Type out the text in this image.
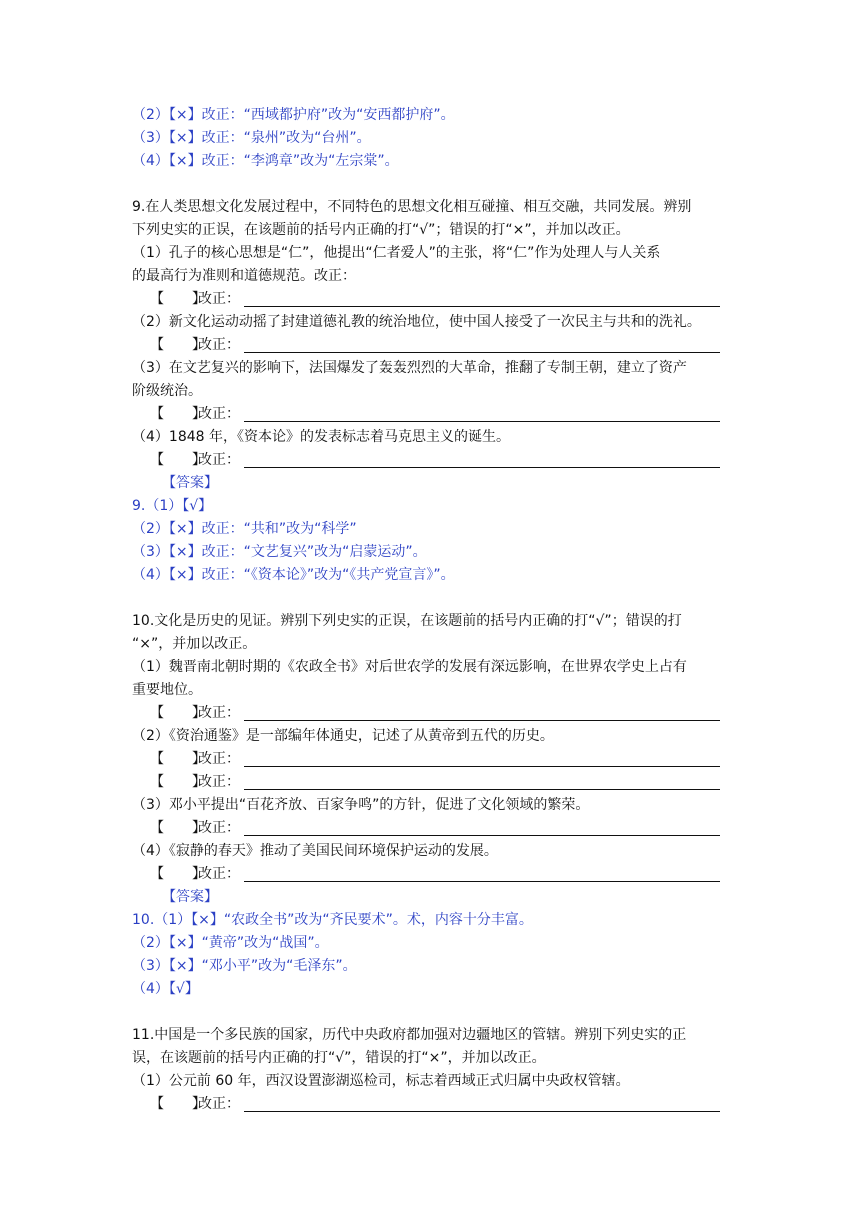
（2）【×】改正：“西域都护府”改为“安西都护府”。
（3）【×】改正：“泉州”改为“台州”。
（4）【×】改正：“李鸿章”改为“左宗棠”。
9.在人类思想文化发展过程中，不同特色的思想文化相互碰撞、相互交融，共同发展。辨别
下列史实的正误，在该题前的括号内正确的打“√”；错误的打“×”，并加以改正。
（1）孔子的核心思想是“仁”，他提出“仁者爱人”的主张，将“仁”作为处理人与人关系
的最高行为准则和道德规范。改正：
【　　】
改正：
（2）新文化运动动摇了封建道德礼教的统治地位，使中国人接受了一次民主与共和的洗礼。
【　　】
改正：
（3）在文艺复兴的影响下，法国爆发了轰轰烈烈的大革命，推翻了专制王朝，建立了资产
阶级统治。
【　　】
改正：
（4）1848 年，《资本论》的发表标志着马克思主义的诞生。
【　　】
改正：
【答案】
9.（1）【√】
（2）【×】改正：“共和”改为“科学”
（3）【×】改正：“文艺复兴”改为“启蒙运动”。
（4）【×】改正：“《资本论》”改为“《共产党宣言》”。
10.文化是历史的见证。辨别下列史实的正误，在该题前的括号内正确的打“√”；错误的打
“×”，并加以改正。
（1）魏晋南北朝时期的《农政全书》对后世农学的发展有深远影响，在世界农学史上占有
重要地位。
【　　】
改正：
（2）《资治通鉴》是一部编年体通史，记述了从黄帝到五代的历史。
【　　】
改正：
【　　】
改正：
（3）邓小平提出“百花齐放、百家争鸣”的方针，促进了文化领域的繁荣。
【　　】
改正：
（4）《寂静的春天》推动了美国民间环境保护运动的发展。
【　　】
改正：
【答案】
10.（1）【×】“农政全书”改为“齐民要术”。术，内容十分丰富。
（2）【×】“黄帝”改为“战国”。
（3）【×】“邓小平”改为“毛泽东”。
（4）【√】
11.中国是一个多民族的国家，历代中央政府都加强对边疆地区的管辖。辨别下列史实的正
误，在该题前的括号内正确的打“√”，错误的打“×”，并加以改正。
（1）公元前 60 年，西汉设置澎湖巡检司，标志着西域正式归属中央政权管辖。
【　　】
改正：
